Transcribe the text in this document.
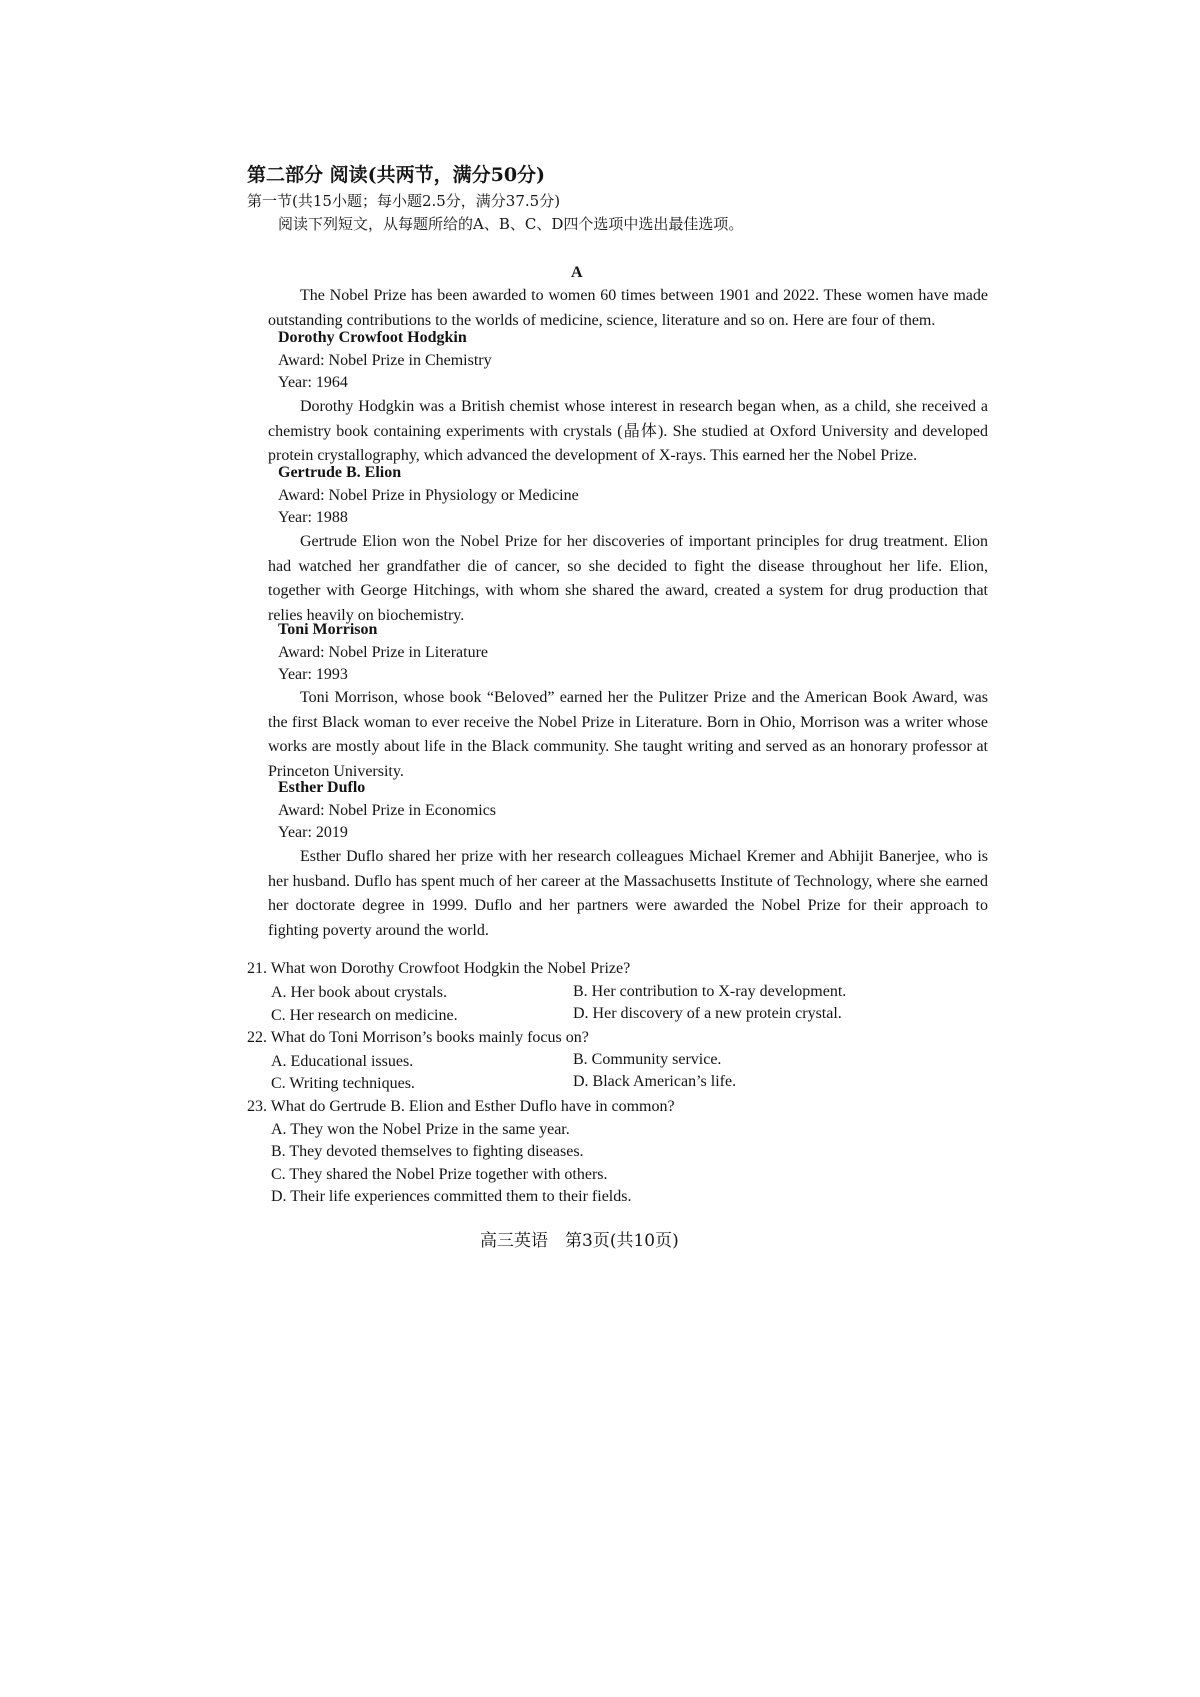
第二部分 阅读(共两节，满分50分)
第一节(共15小题；每小题2.5分，满分37.5分)
阅读下列短文，从每题所给的A、B、C、D四个选项中选出最佳选项。
A
The Nobel Prize has been awarded to women 60 times between 1901 and 2022. These women have made outstanding contributions to the worlds of medicine, science, literature and so on. Here are four of them.
Dorothy Crowfoot Hodgkin
Award: Nobel Prize in Chemistry
Year: 1964
Dorothy Hodgkin was a British chemist whose interest in research began when, as a child, she received a chemistry book containing experiments with crystals (晶体). She studied at Oxford University and developed protein crystallography, which advanced the development of X-rays. This earned her the Nobel Prize.
Gertrude B. Elion
Award: Nobel Prize in Physiology or Medicine
Year: 1988
Gertrude Elion won the Nobel Prize for her discoveries of important principles for drug treatment. Elion had watched her grandfather die of cancer, so she decided to fight the disease throughout her life. Elion, together with George Hitchings, with whom she shared the award, created a system for drug production that relies heavily on biochemistry.
Toni Morrison
Award: Nobel Prize in Literature
Year: 1993
Toni Morrison, whose book “Beloved” earned her the Pulitzer Prize and the American Book Award, was the first Black woman to ever receive the Nobel Prize in Literature. Born in Ohio, Morrison was a writer whose works are mostly about life in the Black community. She taught writing and served as an honorary professor at Princeton University.
Esther Duflo
Award: Nobel Prize in Economics
Year: 2019
Esther Duflo shared her prize with her research colleagues Michael Kremer and Abhijit Banerjee, who is her husband. Duflo has spent much of her career at the Massachusetts Institute of Technology, where she earned her doctorate degree in 1999. Duflo and her partners were awarded the Nobel Prize for their approach to fighting poverty around the world.
21. What won Dorothy Crowfoot Hodgkin the Nobel Prize?
A. Her book about crystals.	B. Her contribution to X-ray development.
C. Her research on medicine.	D. Her discovery of a new protein crystal.
22. What do Toni Morrison’s books mainly focus on?
A. Educational issues.	B. Community service.
C. Writing techniques.	D. Black American’s life.
23. What do Gertrude B. Elion and Esther Duflo have in common?
A. They won the Nobel Prize in the same year.
B. They devoted themselves to fighting diseases.
C. They shared the Nobel Prize together with others.
D. Their life experiences committed them to their fields.
高三英语　第3页(共10页)
